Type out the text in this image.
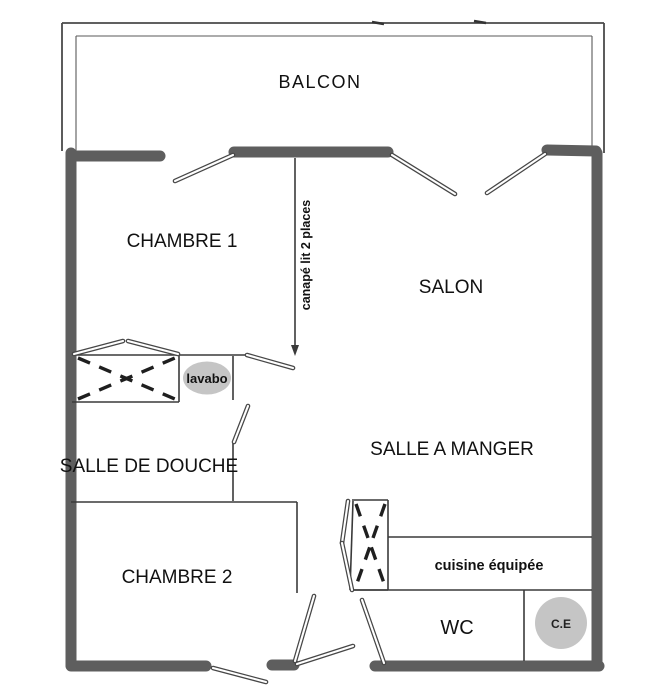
BALCON
CHAMBRE 1
SALON
SALLE DE DOUCHE
SALLE A MANGER
CHAMBRE 2
WC
canapé lit 2 places
lavabo
cuisine équipée
C.E
